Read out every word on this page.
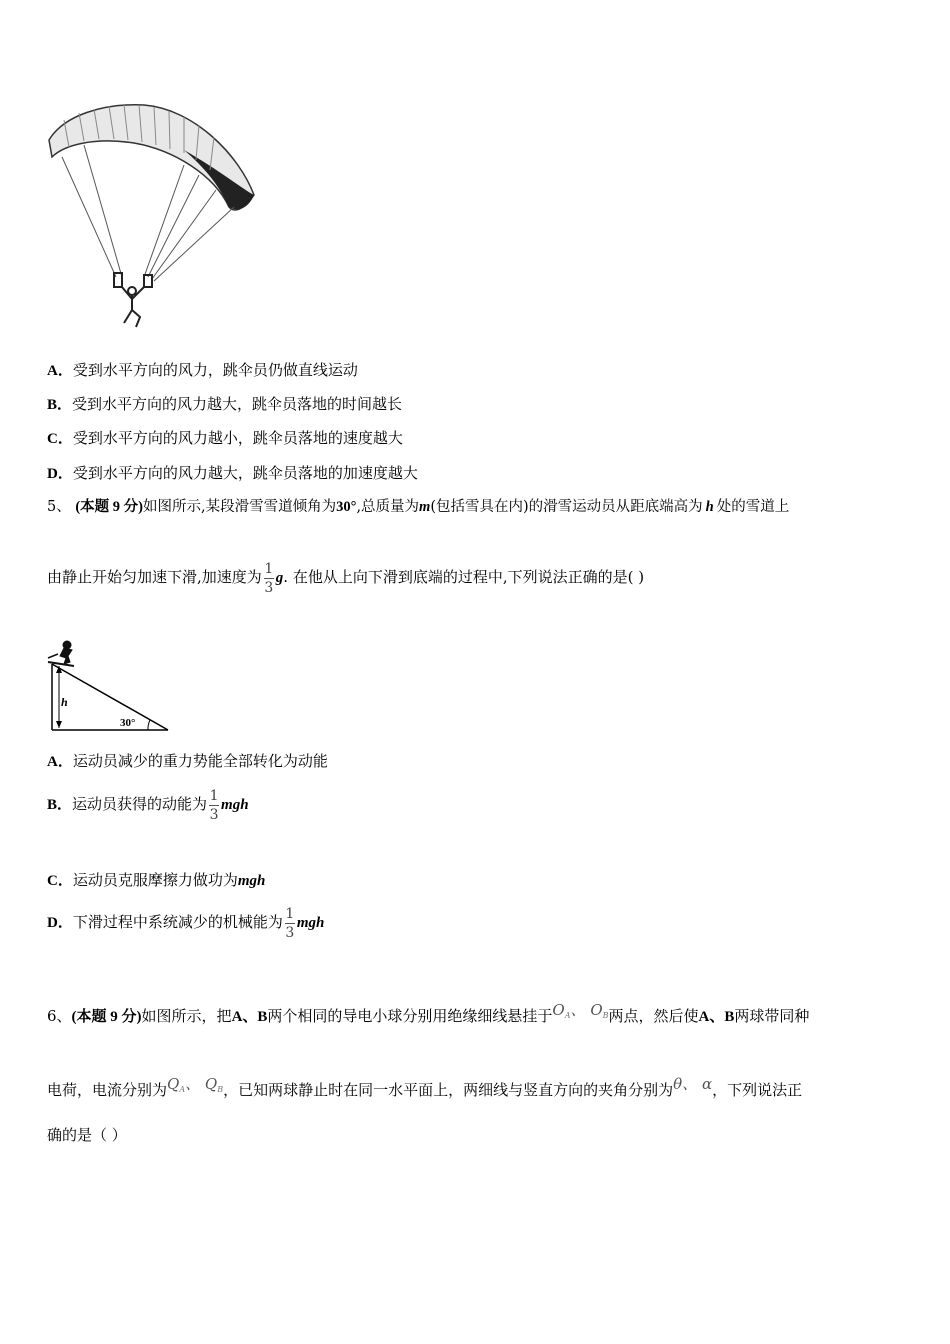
A．受到水平方向的风力，跳伞员仍做直线运动
B．受到水平方向的风力越大，跳伞员落地的时间越长
C．受到水平方向的风力越小，跳伞员落地的速度越大
D．受到水平方向的风力越大，跳伞员落地的加速度越大
5、 (本题 9 分)如图所示,某段滑雪雪道倾角为30°,总质量为m(包括雪具在内)的滑雪运动员从距底端高为 h 处的雪道上
由静止开始匀加速下滑,加速度为 $\frac{1}{3} g$. 在他从上向下滑到底端的过程中,下列说法正确的是( )
h
30°
A．运动员减少的重力势能全部转化为动能
B．运动员获得的动能为 $\frac{1}{3}$ mgh
C．运动员克服摩擦力做功为mgh
D．下滑过程中系统减少的机械能为 $\frac{1}{3}$ mgh
6、(本题 9 分)如图所示，把A、B两个相同的导电小球分别用绝缘细线悬挂于$O_A$、 $O_B$两点，然后使A、B两球带同种
电荷，电流分别为$Q_A$、 $Q_B$，已知两球静止时在同一水平面上，两细线与竖直方向的夹角分别为θ、 α，下列说法正
确的是（ ）
